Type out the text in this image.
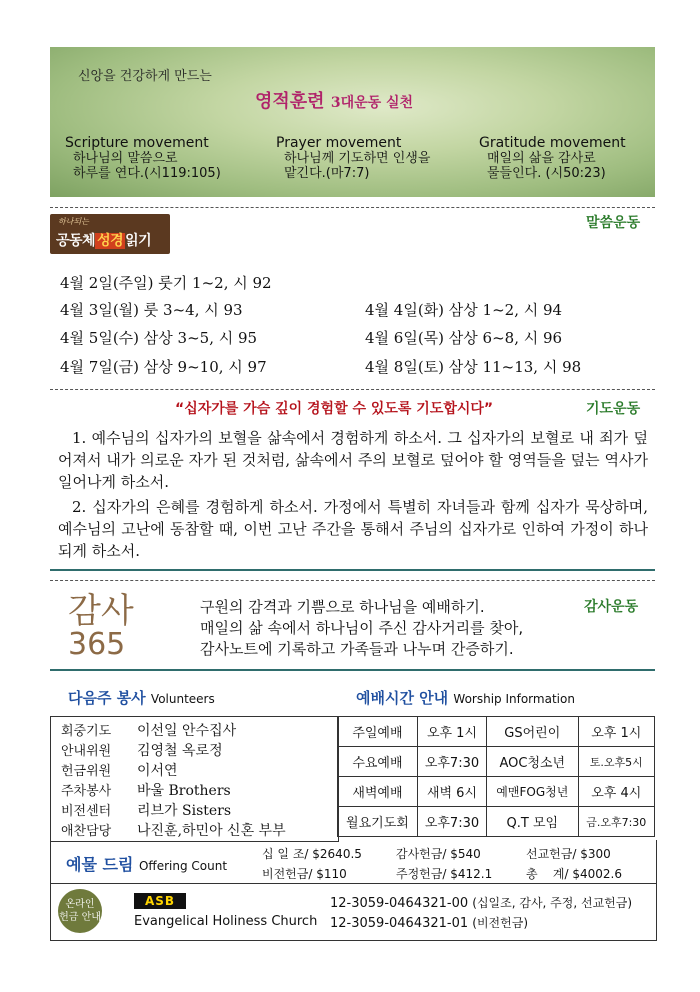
신앙을 건강하게 만드는
영적훈련 3대운동 실천
Scripture movement
하나님의 말씀으로
하루를 연다.(시119:105)
Prayer movement
하나님께 기도하면 인생을
맡긴다.(마7:7)
Gratitude movement
매일의 삶을 감사로
물들인다. (시50:23)
하나되는
공동체 성경 읽기
말씀운동
4월 2일(주일) 룻기 1~2, 시 92
4월 3일(월) 룻 3~4, 시 93	4월 4일(화) 삼상 1~2, 시 94
4월 5일(수) 삼상 3~5, 시 95	4월 6일(목) 삼상 6~8, 시 96
4월 7일(금) 삼상 9~10, 시 97	4월 8일(토) 삼상 11~13, 시 98
“십자가를 가슴 깊이 경험할 수 있도록 기도합시다”	기도운동
1. 예수님의 십자가의 보혈을 삶속에서 경험하게 하소서. 그 십자가의 보혈로 내 죄가 덮어져서 내가 의로운 자가 된 것처럼, 삶속에서 주의 보혈로 덮어야 할 영역들을 덮는 역사가 일어나게 하소서.
2. 십자가의 은혜를 경험하게 하소서. 가정에서 특별히 자녀들과 함께 십자가 묵상하며, 예수님의 고난에 동참할 때, 이번 고난 주간을 통해서 주님의 십자가로 인하여 가정이 하나 되게 하소서.
감사
365
구원의 감격과 기쁨으로 하나님을 예배하기.
매일의 삶 속에서 하나님이 주신 감사거리를 찾아,
감사노트에 기록하고 가족들과 나누며 간증하기.
감사운동
다음주 봉사 Volunteers	예배시간 안내 Worship Information
회중기도 이선일 안수집사
안내위원 김영철 옥로정
헌금위원 이서연
주차봉사 바울 Brothers
비전센터 리브가 Sisters
애찬담당 나진훈,하민아 신혼 부부
주일예배	오후 1시	GS어린이	오후 1시
수요예배	오후7:30	AOC청소년	토.오후5시
새벽예배	새벽 6시	예맨FOG청년	오후 4시
월요기도회	오후7:30	Q.T 모임	금.오후7:30
예물 드림 Offering Count
십 일 조/ $2640.5	감사헌금/ $540	선교헌금/ $300
비전헌금/ $110	주정헌금/ $412.1	총    계/ $4002.6
온라인
헌금 안내
ASB
Evangelical Holiness Church
12-3059-0464321-00 (십일조, 감사, 주정, 선교헌금)
12-3059-0464321-01 (비전헌금)
